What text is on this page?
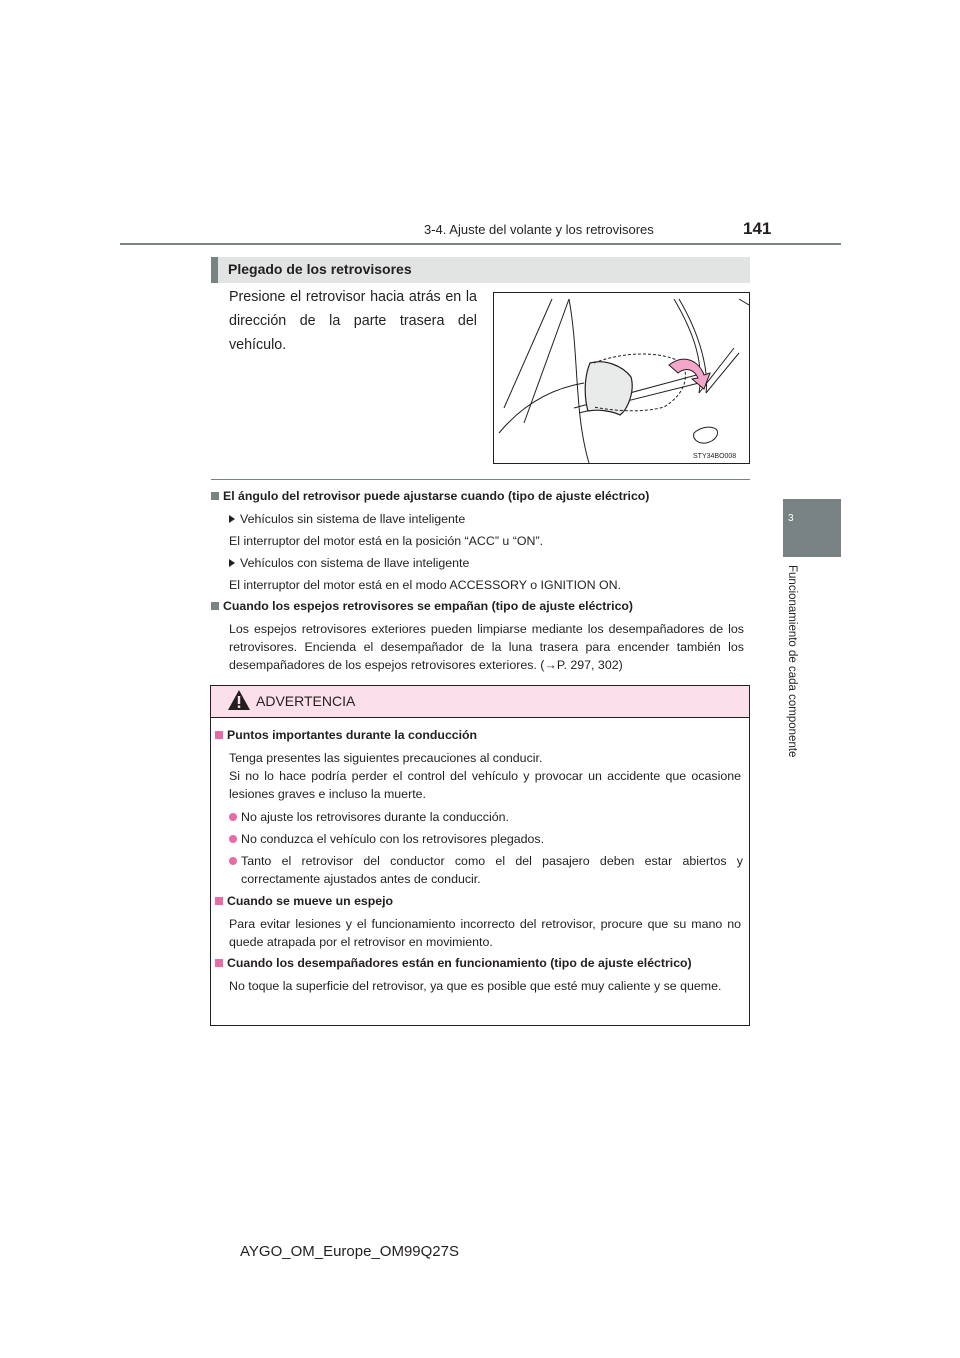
3-4. Ajuste del volante y los retrovisores	141
3
Funcionamiento de cada componente
Plegado de los retrovisores
Presione el retrovisor hacia atrás en la dirección de la parte trasera del vehículo.
STY34BO008
El ángulo del retrovisor puede ajustarse cuando (tipo de ajuste eléctrico)
Vehículos sin sistema de llave inteligente
El interruptor del motor está en la posición “ACC” u “ON”.
Vehículos con sistema de llave inteligente
El interruptor del motor está en el modo ACCESSORY o IGNITION ON.
Cuando los espejos retrovisores se empañan (tipo de ajuste eléctrico)
Los espejos retrovisores exteriores pueden limpiarse mediante los desempañadores de los retrovisores. Encienda el desempañador de la luna trasera para encender también los desempañadores de los espejos retrovisores exteriores. (→P. 297, 302)
ADVERTENCIA
Puntos importantes durante la conducción
Tenga presentes las siguientes precauciones al conducir.
Si no lo hace podría perder el control del vehículo y provocar un accidente que ocasione lesiones graves e incluso la muerte.
No ajuste los retrovisores durante la conducción.
No conduzca el vehículo con los retrovisores plegados.
Tanto el retrovisor del conductor como el del pasajero deben estar abiertos y correctamente ajustados antes de conducir.
Cuando se mueve un espejo
Para evitar lesiones y el funcionamiento incorrecto del retrovisor, procure que su mano no quede atrapada por el retrovisor en movimiento.
Cuando los desempañadores están en funcionamiento (tipo de ajuste eléctrico)
No toque la superficie del retrovisor, ya que es posible que esté muy caliente y se queme.
AYGO_OM_Europe_OM99Q27S
